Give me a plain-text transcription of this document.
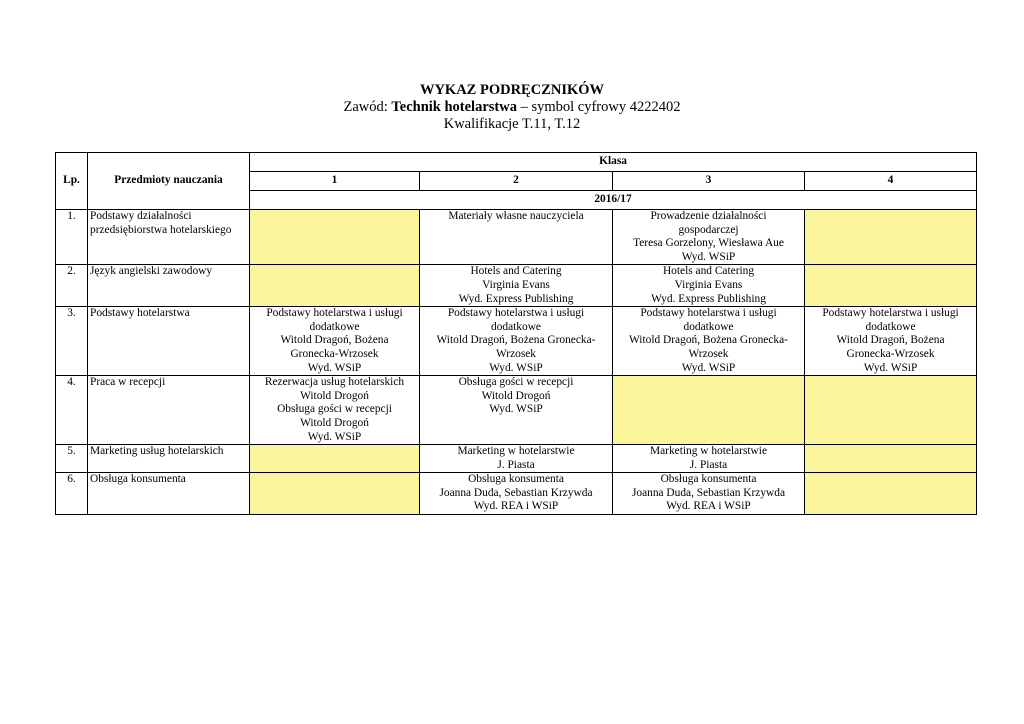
WYKAZ PODRĘCZNIKÓW
Zawód: Technik hotelarstwa – symbol cyfrowy 4222402
Kwalifikacje T.11, T.12
Lp.	Przedmioty nauczania	Klasa			
		1	2	3	4
		2016/17			
1.	Podstawy działalności przedsiębiorstwa hotelarskiego		Materiały własne nauczyciela	Prowadzenie działalności
gospodarczej
Teresa Gorzelony, Wiesława Aue
Wyd. WSiP	

2.	Język angielski zawodowy		Hotels and Catering
Virginia Evans
Wyd. Express Publishing	Hotels and Catering
Virginia Evans
Wyd. Express Publishing	

3.	Podstawy hotelarstwa	Podstawy hotelarstwa i usługi
dodatkowe
Witold Dragoń, Bożena
Gronecka-Wrzosek
Wyd. WSiP	Podstawy hotelarstwa i usługi
dodatkowe
Witold Dragoń, Bożena Gronecka-
Wrzosek
Wyd. WSiP	Podstawy hotelarstwa i usługi
dodatkowe
Witold Dragoń, Bożena Gronecka-
Wrzosek
Wyd. WSiP	Podstawy hotelarstwa i usługi
dodatkowe
Witold Dragoń, Bożena
Gronecka-Wrzosek
Wyd. WSiP

4.	Praca w recepcji	Rezerwacja usług hotelarskich
Witold Drogoń
Obsługa gości w recepcji
Witold Drogoń
Wyd. WSiP	Obsługa gości w recepcji
Witold Drogoń
Wyd. WSiP		

5.	Marketing usług hotelarskich		Marketing w hotelarstwie
J. Piasta	Marketing w hotelarstwie
J. Piasta	

6.	Obsługa konsumenta		Obsługa konsumenta
Joanna Duda, Sebastian Krzywda
Wyd. REA i WSiP	Obsługa konsumenta
Joanna Duda, Sebastian Krzywda
Wyd. REA i WSiP	
